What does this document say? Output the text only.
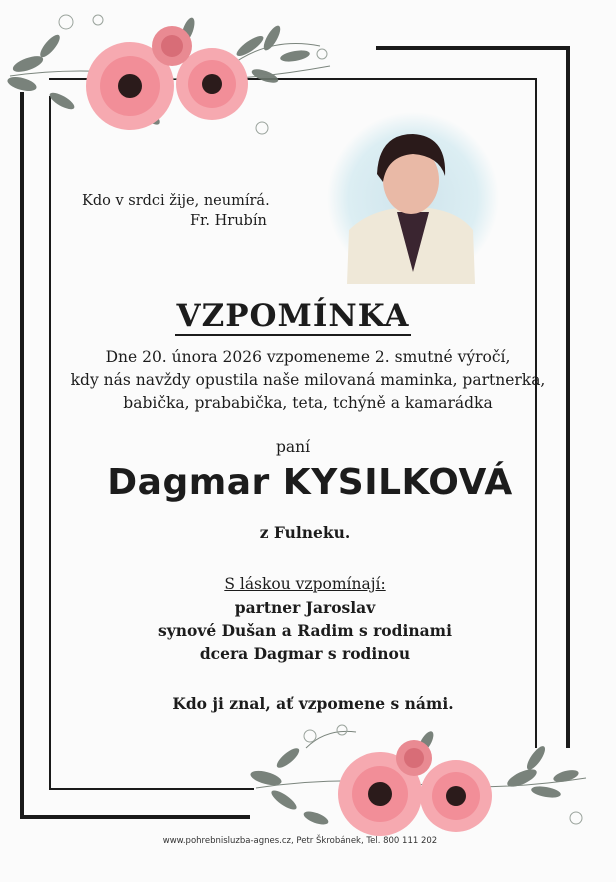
Kdo v srdci žije, neumírá.
Fr. Hrubín
VZPOMÍNKA
Dne 20. února 2026 vzpomeneme 2. smutné výročí,
kdy nás navždy opustila naše milovaná maminka, partnerka,
babička, prababička, teta, tchýně a kamarádka
paní
Dagmar KYSILKOVÁ
z Fulneku.
S láskou vzpomínají:
partner Jaroslav
synové Dušan a Radim s rodinami
dcera Dagmar s rodinou
Kdo ji znal, ať vzpomene s námi.
www.pohrebnisluzba-agnes.cz, Petr Škrobánek, Tel. 800 111 202
